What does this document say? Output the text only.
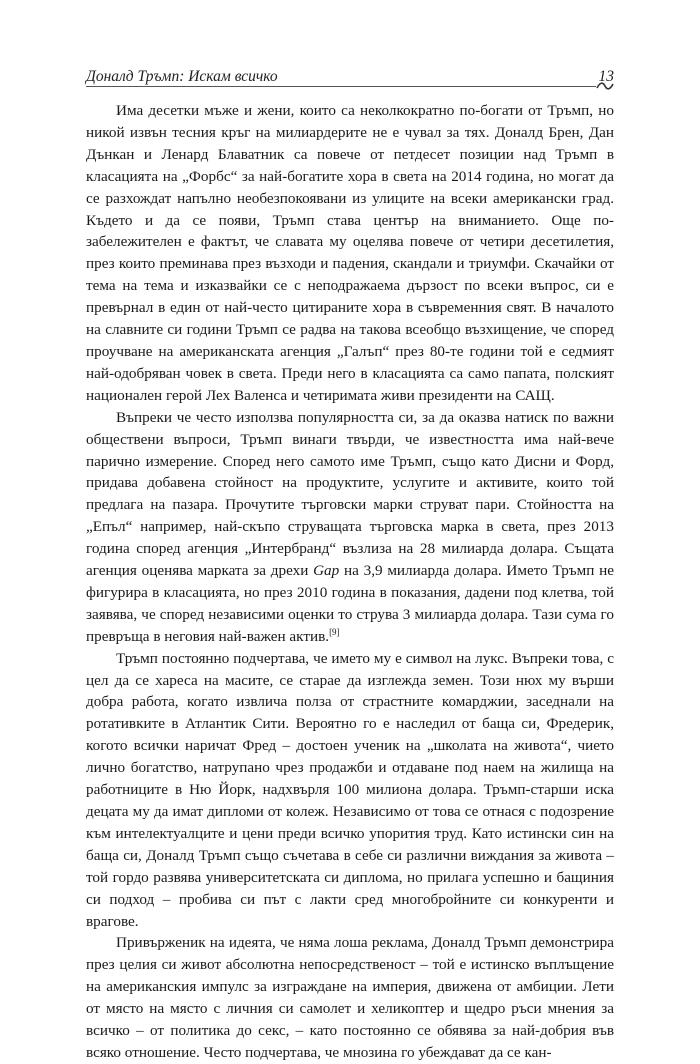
Доналд Тръмп: Искам всичко	13

Има десетки мъже и жени, които са неколкократно по-богати от Тръмп, но никой извън тесния кръг на милиардерите не е чувал за тях. Доналд Брен, Дан Дънкан и Ленард Блаватник са повече от петдесет позиции над Тръмп в класацията на „Форбс“ за най-богатите хора в света на 2014 година, но могат да се разхождат напълно необезпокоявани из улиците на всеки американски град. Където и да се появи, Тръмп става център на вниманието. Още по-забележителен е фактът, че славата му оцелява повече от четири десетилетия, през които преминава през възходи и падения, скандали и триумфи. Скачайки от тема на тема и изказвайки се с неподражаема дързост по всеки въпрос, си е превърнал в един от най-често цитираните хора в съвременния свят. В началото на славните си години Тръмп се радва на такова всеобщо възхищение, че според проучване на американската агенция „Галъп“ през 80-те години той е седмият най-одобряван човек в света. Преди него в класацията са само папата, полският национален герой Лех Валенса и четиримата живи президенти на САЩ.

Въпреки че често използва популярността си, за да оказва натиск по важни обществени въпроси, Тръмп винаги твърди, че известността има най-вече парично измерение. Според него самото име Тръмп, също като Дисни и Форд, придава добавена стойност на продуктите, услугите и активите, които той предлага на пазара. Прочутите търговски марки струват пари. Стойността на „Епъл“ например, най-скъпо струващата търговска марка в света, през 2013 година според агенция „Интербранд“ възлиза на 28 милиарда долара. Същата агенция оценява марката за дрехи Gap на 3,9 милиарда долара. Името Тръмп не фигурира в класацията, но през 2010 година в показания, дадени под клетва, той заявява, че според независими оценки то струва 3 милиарда долара. Тази сума го превръща в неговия най-важен актив.[9]

Тръмп постоянно подчертава, че името му е символ на лукс. Въпреки това, с цел да се хареса на масите, се старае да изглежда земен. Този нюх му върши добра работа, когато извлича полза от страстните комарджии, заседнали на ротативките в Атлантик Сити. Вероятно го е наследил от баща си, Фредерик, когото всички наричат Фред – достоен ученик на „школата на живота“, чието лично богатство, натрупано чрез продажби и отдаване под наем на жилища на работниците в Ню Йорк, надхвърля 100 милиона долара. Тръмп-старши иска децата му да имат дипломи от колеж. Независимо от това се отнася с подозрение към интелектуалците и цени преди всичко упорития труд. Като истински син на баща си, Доналд Тръмп също съчетава в себе си различни виждания за живота – той гордо развява университетската си диплома, но прилага успешно и бащиния си подход – пробива си път с лакти сред многобройните си конкуренти и врагове.

Привърженик на идеята, че няма лоша реклама, Доналд Тръмп демонстрира през целия си живот абсолютна непосредственост – той е истинско въплъщение на американския импулс за изграждане на империя, движена от амбиции. Лети от място на място с личния си самолет и хеликоптер и щедро ръси мнения за всичко – от политика до секс, – като постоянно се обявява за най-добрия във всяко отношение. Често подчертава, че мнозина го убеждават да се кан-
